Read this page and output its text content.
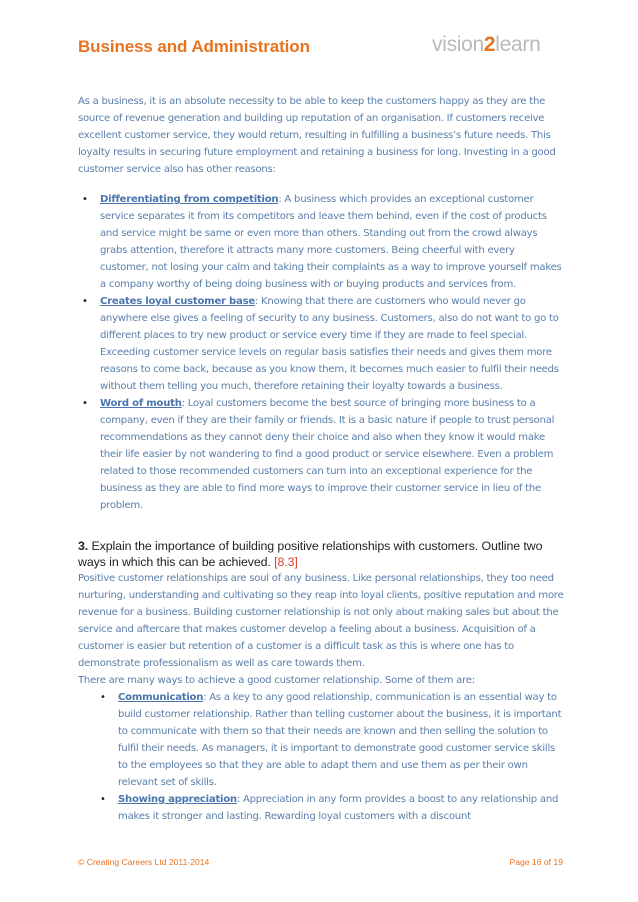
Business and Administration	vision2learn

As a business, it is an absolute necessity to be able to keep the customers happy as they are the source of revenue generation and building up reputation of an organisation. If customers receive excellent customer service, they would return, resulting in fulfilling a business’s future needs. This loyalty results in securing future employment and retaining a business for long. Investing in a good customer service also has other reasons:

• Differentiating from competition: A business which provides an exceptional customer service separates it from its competitors and leave them behind, even if the cost of products and service might be same or even more than others. Standing out from the crowd always grabs attention, therefore it attracts many more customers. Being cheerful with every customer, not losing your calm and taking their complaints as a way to improve yourself makes a company worthy of being doing business with or buying products and services from.
• Creates loyal customer base: Knowing that there are customers who would never go anywhere else gives a feeling of security to any business. Customers, also do not want to go to different places to try new product or service every time if they are made to feel special. Exceeding customer service levels on regular basis satisfies their needs and gives them more reasons to come back, because as you know them, it becomes much easier to fulfil their needs without them telling you much, therefore retaining their loyalty towards a business.
• Word of mouth: Loyal customers become the best source of bringing more business to a company, even if they are their family or friends. It is a basic nature if people to trust personal recommendations as they cannot deny their choice and also when they know it would make their life easier by not wandering to find a good product or service elsewhere. Even a problem related to those recommended customers can turn into an exceptional experience for the business as they are able to find more ways to improve their customer service in lieu of the problem.
3. Explain the importance of building positive relationships with customers. Outline two ways in which this can be achieved. [8.3]

Positive customer relationships are soul of any business. Like personal relationships, they too need nurturing, understanding and cultivating so they reap into loyal clients, positive reputation and more revenue for a business. Building customer relationship is not only about making sales but about the service and aftercare that makes customer develop a feeling about a business. Acquisition of a customer is easier but retention of a customer is a difficult task as this is where one has to demonstrate professionalism as well as care towards them.

There are many ways to achieve a good customer relationship. Some of them are:

• Communication: As a key to any good relationship, communication is an essential way to build customer relationship. Rather than telling customer about the business, it is important to communicate with them so that their needs are known and then selling the solution to fulfil their needs. As managers, it is important to demonstrate good customer service skills to the employees so that they are able to adapt them and use them as per their own relevant set of skills.
• Showing appreciation: Appreciation in any form provides a boost to any relationship and makes it stronger and lasting. Rewarding loyal customers with a discount
© Creating Careers Ltd 2011-2014	Page 16 of 19
